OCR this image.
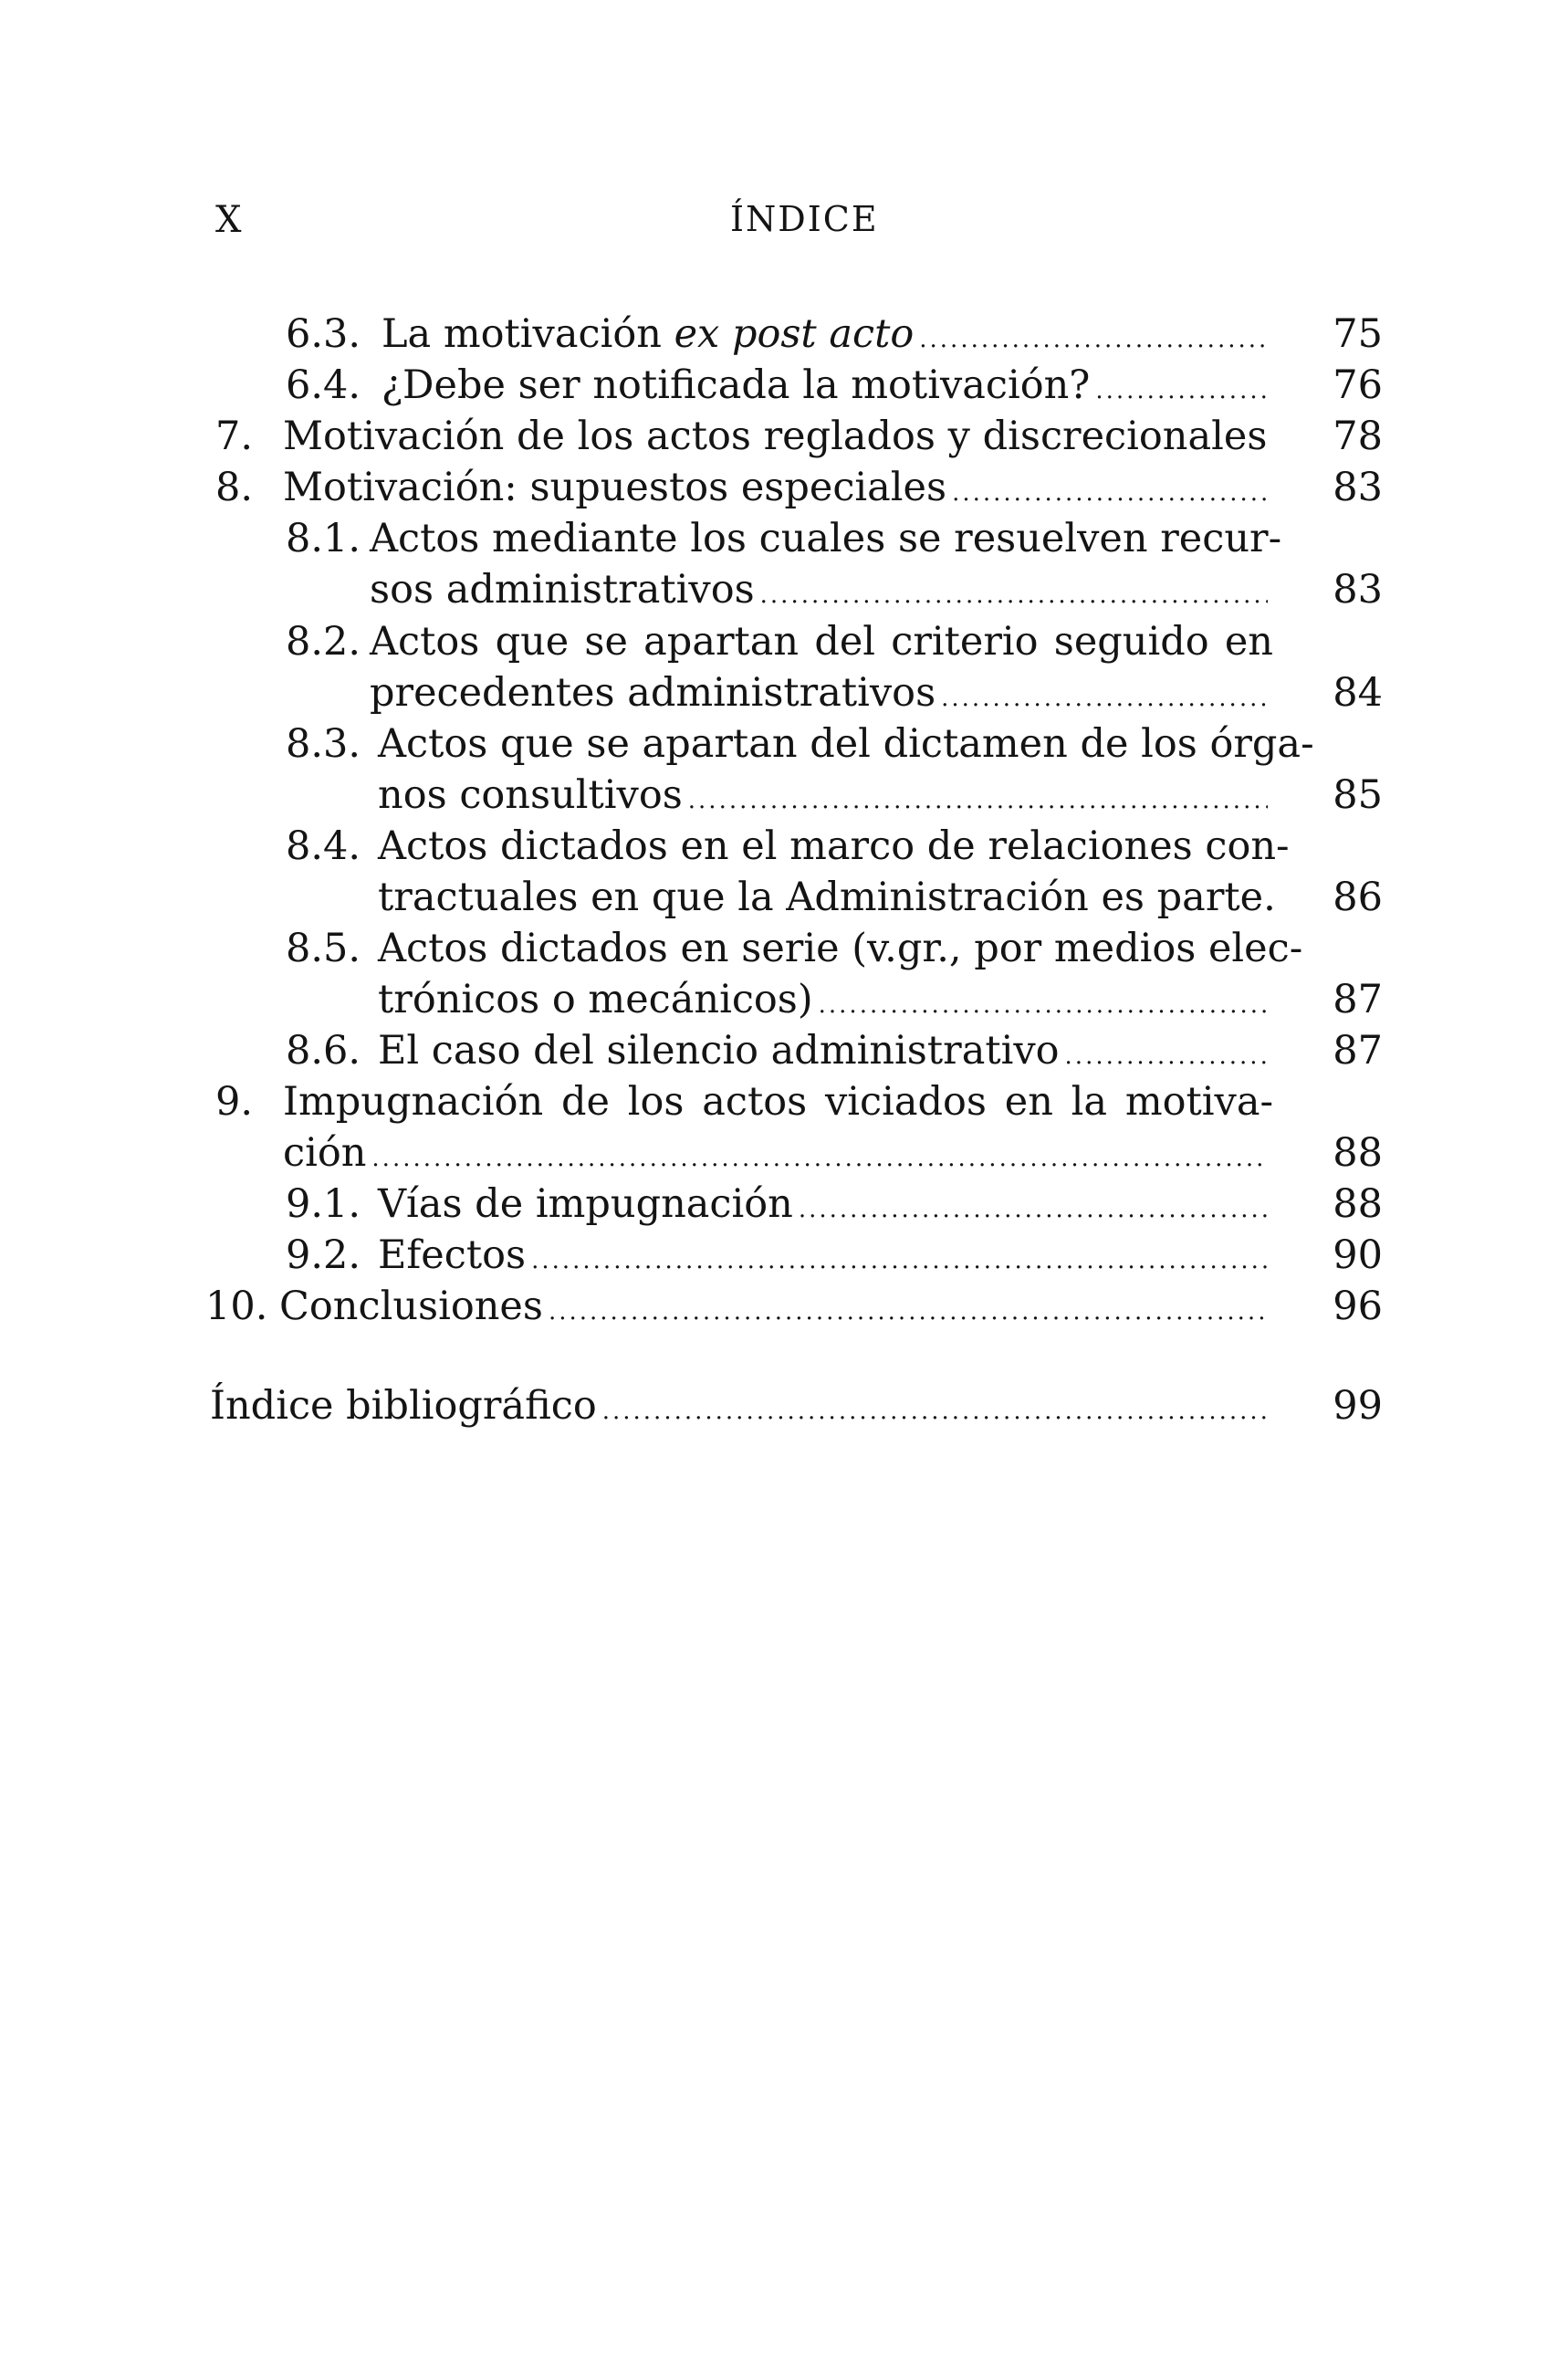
X	ÍNDICE
6.3. La motivación ex post acto .....	75
6.4. ¿Debe ser notificada la motivación? .....	76
7. Motivación de los actos reglados y discrecionales	78
8. Motivación: supuestos especiales .....	83
8.1. Actos mediante los cuales se resuelven recur-
sos administrativos .....	83
8.2. Actos que se apartan del criterio seguido en
precedentes administrativos .....	84
8.3. Actos que se apartan del dictamen de los órga-
nos consultivos .....	85
8.4. Actos dictados en el marco de relaciones con-
tractuales en que la Administración es parte.	86
8.5. Actos dictados en serie (v.gr., por medios elec-
trónicos o mecánicos) .....	87
8.6. El caso del silencio administrativo .....	87
9. Impugnación de los actos viciados en la motiva-
ción .....	88
9.1. Vías de impugnación .....	88
9.2. Efectos .....	90
10. Conclusiones .....	96
Índice bibliográfico .....	99
